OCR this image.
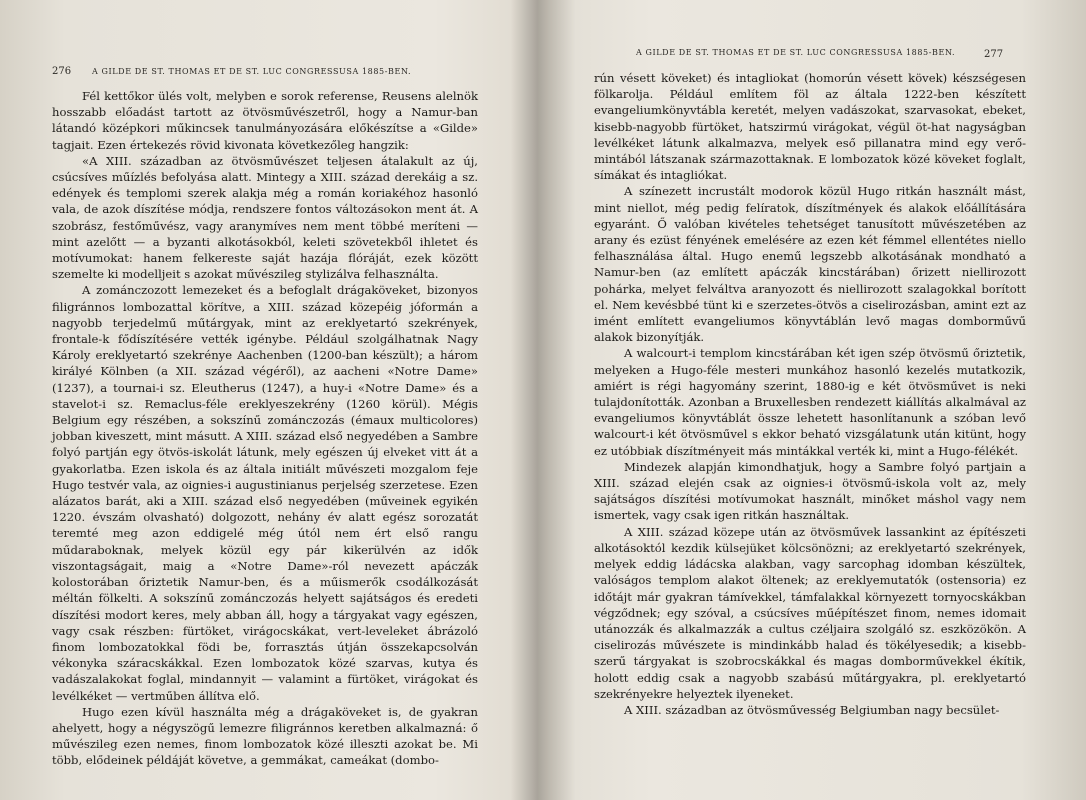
276	A GILDE DE ST. THOMAS ET DE ST. LUC CONGRESSUSA 1885-BEN.

Fél kettőkor ülés volt, melyben e sorok referense, Reusens alelnök hosszabb előadást tartott az ötvösművészetről, hogy a Namur-ban látandó középkori műkincsek tanulmányozására előkészítse a «Gilde» tagjait. Ezen értekezés rövid kivonata következőleg hangzik:

«A XIII. században az ötvösművészet teljesen átalakult az új, csúcsíves műízlés befolyása alatt. Mintegy a XIII. század derekáig a sz. edények és templomi szerek alakja még a román koriakéhoz hasonló vala, de azok díszítése módja, rendszere fontos változásokon ment át. A szobrász, festőművész, vagy aranymíves nem ment többé meríteni — mint azelőtt — a byzanti alkotásokból, keleti szövetekből ihletet és motívumokat: hanem felkereste saját hazája flóráját, ezek között szemelte ki modelljeit s azokat művészileg stylizálva felhasználta.

A zománczozott lemezeket és a befoglalt drágaköveket, bizonyos filigránnos lombozattal körítve, a XIII. század közepéig jóformán a nagyobb terjedelmű műtárgyak, mint az ereklyetartó szekrények, frontale-k fődíszítésére vették igénybe. Például szolgálhatnak Nagy Károly ereklyetartó szekrénye Aachenben (1200-ban készült); a három királyé Kölnben (a XII. század végéről), az aacheni «Notre Dame» (1237), a tournai-i sz. Eleutherus (1247), a huy-i «Notre Dame» és a stavelot-i sz. Remaclus-féle ereklyeszekrény (1260 körül). Mégis Belgium egy részében, a sokszínű zománczozás (émaux multicolores) jobban kiveszett, mint másutt. A XIII. század első negyedében a Sambre folyó partján egy ötvös-iskolát látunk, mely egészen új elveket vitt át a gyakorlatba. Ezen iskola és az általa initiált művészeti mozgalom feje Hugo testvér vala, az oignies-i augustinianus perjelség szerzetese. Ezen alázatos barát, aki a XIII. század első negyedében (műveinek egyikén 1220. évszám olvasható) dolgozott, nehány év alatt egész sorozatát teremté meg azon eddigelé még útól nem ért első rangu műdaraboknak, melyek közül egy pár kikerülvén az idők viszontagságait, maig a «Notre Dame»-ról nevezett apáczák kolostorában őriztetik Namur-ben, és a műismerők csodálkozását méltán fölkelti. A sokszínű zománczozás helyett sajátságos és eredeti díszítési modort keres, mely abban áll, hogy a tárgyakat vagy egészen, vagy csak részben: fürtöket, virágocskákat, vert-leveleket ábrázoló finom lombozatokkal födi be, forrasztás útján összekapcsolván vékonyka száracskákkal. Ezen lombozatok közé szarvas, kutya és vadászalakokat foglal, mindannyit — valamint a fürtöket, virágokat és levélkéket — vertműben állítva elő.

Hugo ezen kívül használta még a drágaköveket is, de gyakran ahelyett, hogy a négyszögű lemezre filigránnos keretben alkalmazná: ő művészileg ezen nemes, finom lombozatok közé illeszti azokat be. Mi több, elődeinek példáját követve, a gemmákat, cameákat (dombo-

A GILDE DE ST. THOMAS ET DE ST. LUC CONGRESSUSA 1885-BEN.	277

rún vésett köveket) és intagliokat (homorún vésett kövek) készségesen fölkarolja. Például említem föl az általa 1222-ben készített evangeliumkönyvtábla keretét, melyen vadászokat, szarvasokat, ebeket, kisebb-nagyobb fürtöket, hatszirmú virágokat, végül öt-hat nagyságban levélkéket látunk alkalmazva, melyek eső pillanatra mind egy verő-mintából látszanak származottaknak. E lombozatok közé köveket foglalt, símákat és intagliókat.

A színezett incrustált modorok közül Hugo ritkán használt mást, mint niellot, még pedig felíratok, díszítmények és alakok előállítására egyaránt. Ő valóban kivételes tehetséget tanusított művészetében az arany és ezüst fényének emelésére az ezen két fémmel ellentétes niello felhasználása által. Hugo enemű legszebb alkotásának mondható a Namur-ben (az említett apáczák kincstárában) őrizett niellirozott pohárka, melyet felváltva aranyozott és niellirozott szalagokkal borított el. Nem kevésbbé tünt ki e szerzetes-ötvös a ciselirozásban, amint ezt az imént említett evangeliumos könyvtáblán levő magas domborművű alakok bizonyítják.

A walcourt-i templom kincstárában két igen szép ötvösmű őriztetik, melyeken a Hugo-féle mesteri munkához hasonló kezelés mutatkozik, amiért is régi hagyomány szerint, 1880-ig e két ötvösművet is neki tulajdonították. Azonban a Bruxellesben rendezett kiállítás alkalmával az evangeliumos könyvtáblát össze lehetett hasonlítanunk a szóban levő walcourt-i két ötvösművel s ekkor beható vizsgálatunk után kitünt, hogy ez utóbbiak díszítményeit más mintákkal verték ki, mint a Hugo-félékét.

Mindezek alapján kimondhatjuk, hogy a Sambre folyó partjain a XIII. század elején csak az oignies-i ötvösmű-iskola volt az, mely sajátságos díszítési motívumokat használt, minőket máshol vagy nem ismertek, vagy csak igen ritkán használtak.

A XIII. század közepe után az ötvösművek lassankint az építészeti alkotásoktól kezdik külsejüket kölcsönözni; az ereklyetartó szekrények, melyek eddig ládácska alakban, vagy sarcophag idomban készültek, valóságos templom alakot öltenek; az ereklyemutatók (ostensoria) ez időtájt már gyakran támívekkel, támfalakkal környezett tornyocskákban végződnek; egy szóval, a csúcsíves műépítészet finom, nemes idomait utánozzák és alkalmazzák a cultus czéljaira szolgáló sz. eszközökön. A ciselirozás művészete is mindinkább halad és tökélyesedik; a kisebb-szerű tárgyakat is szobrocskákkal és magas domborművekkel ékítik, holott eddig csak a nagyobb szabású műtárgyakra, pl. ereklyetartó szekrényekre helyeztek ilyeneket.

A XIII. században az ötvösművesség Belgiumban nagy becsület-
